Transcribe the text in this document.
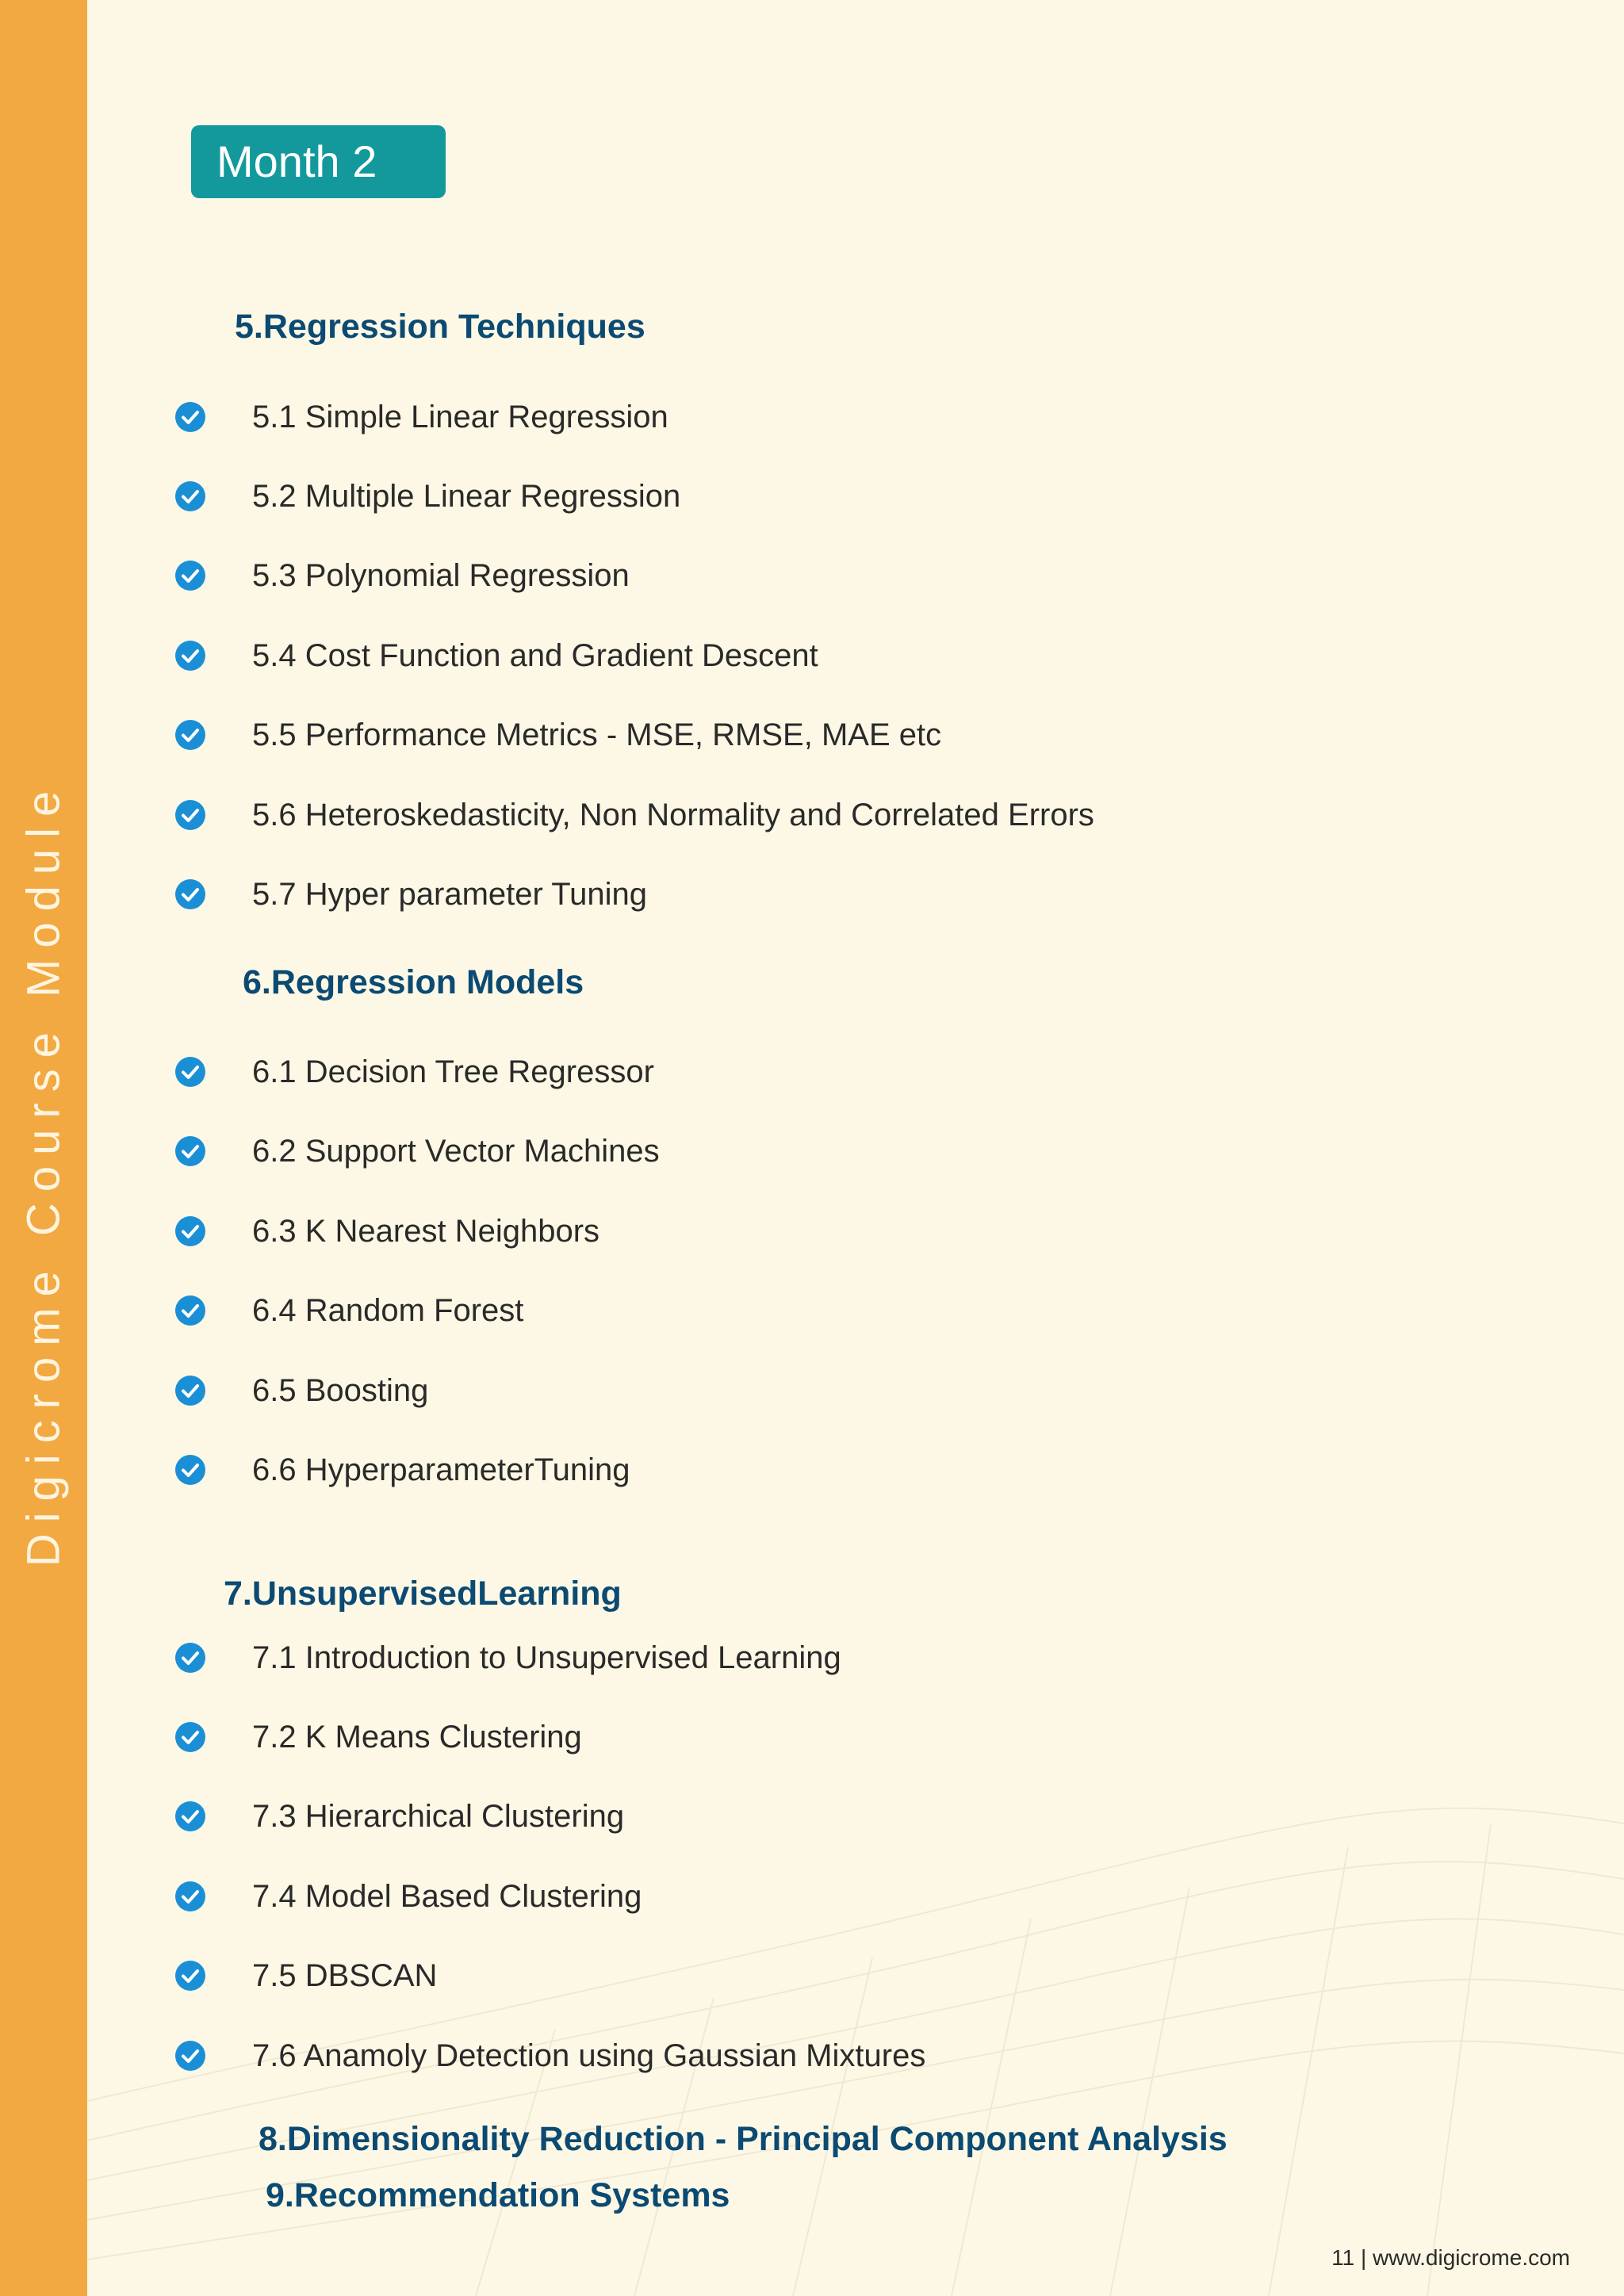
Digicrome Course Module
Month 2
5.Regression Techniques
5.1 Simple Linear Regression
5.2 Multiple Linear Regression
5.3 Polynomial Regression
5.4 Cost Function and Gradient Descent
5.5 Performance Metrics - MSE, RMSE, MAE etc
5.6 Heteroskedasticity, Non Normality and Correlated Errors
5.7 Hyper parameter Tuning
6.Regression Models
6.1 Decision Tree Regressor
6.2 Support Vector Machines
6.3 K Nearest Neighbors
6.4 Random Forest
6.5 Boosting
6.6 HyperparameterTuning
7.UnsupervisedLearning
7.1 Introduction to Unsupervised Learning
7.2 K Means Clustering
7.3 Hierarchical Clustering
7.4 Model Based Clustering
7.5 DBSCAN
7.6 Anamoly Detection using Gaussian Mixtures
8.Dimensionality Reduction - Principal Component Analysis
9.Recommendation Systems
11 | www.digicrome.com
